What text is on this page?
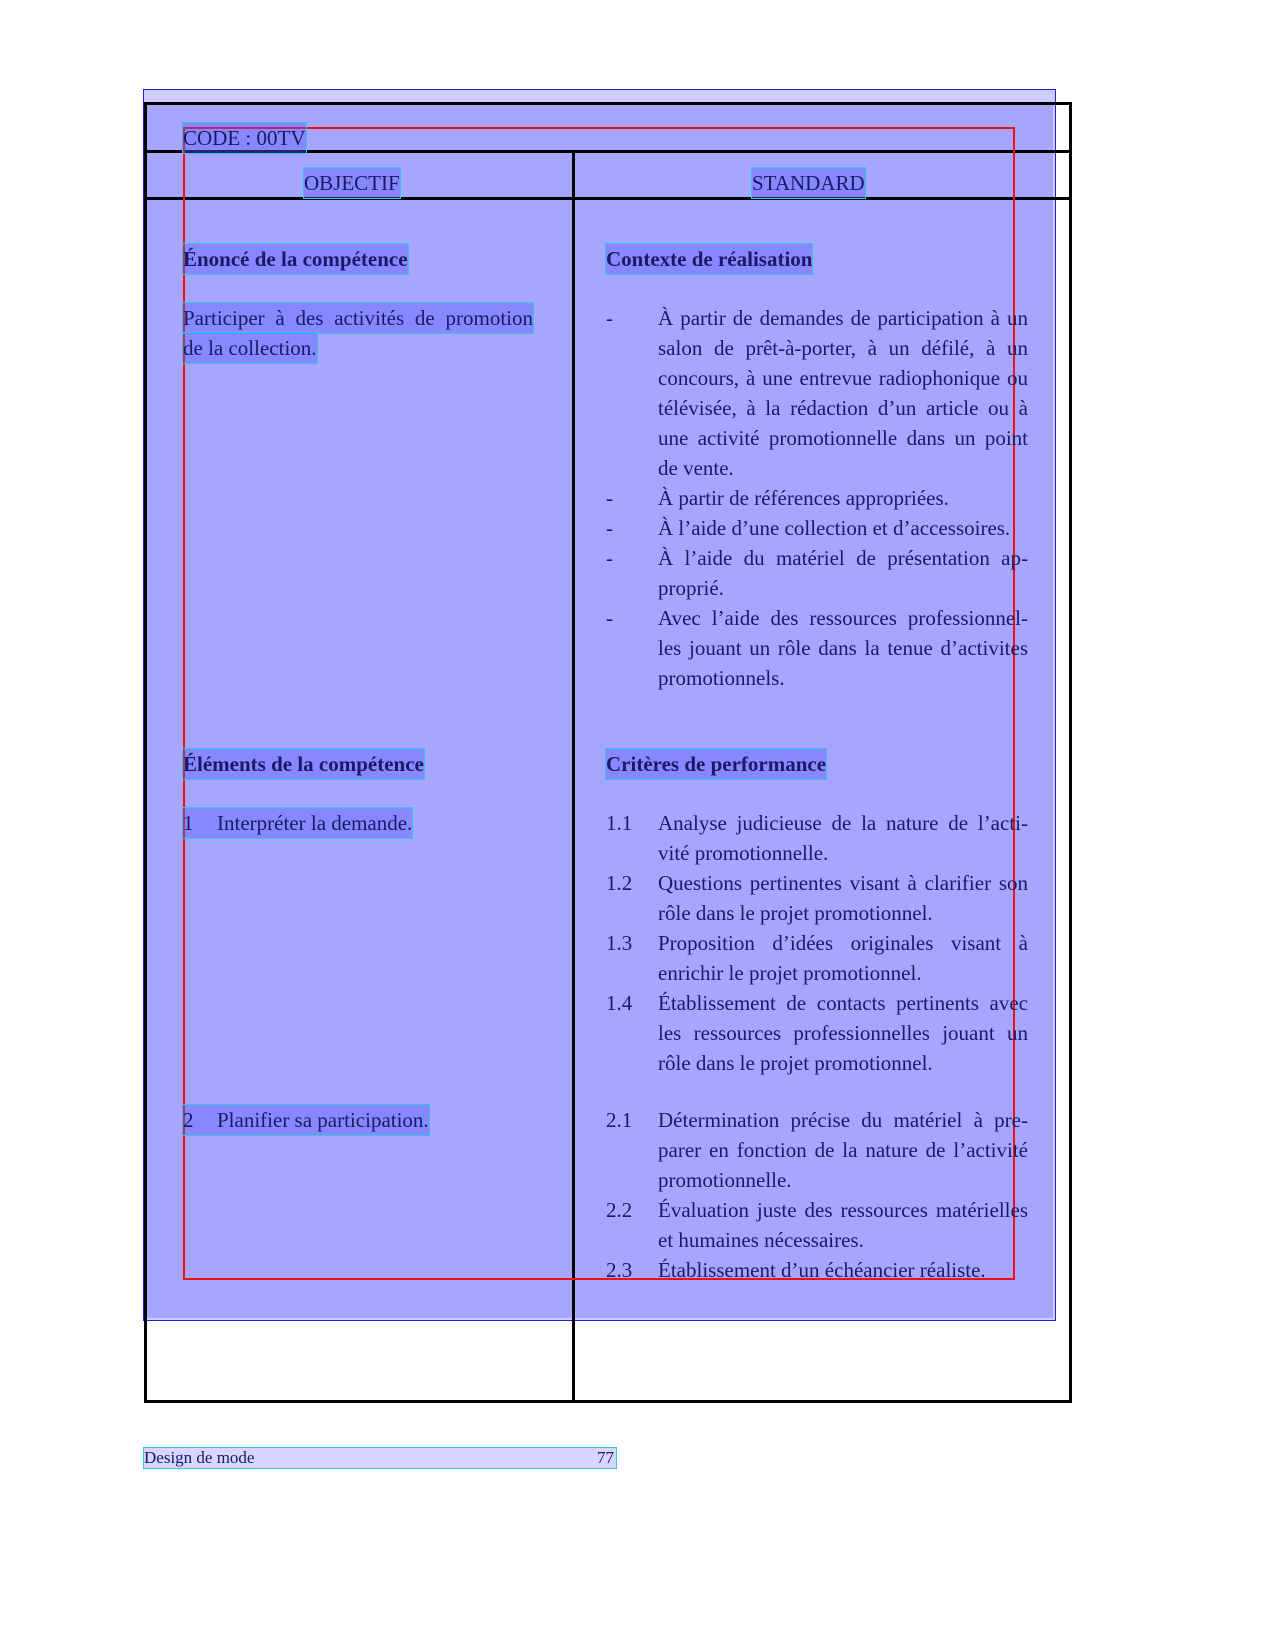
CODE : 00TV
OBJECTIF	STANDARD
Énoncé de la compétence	Contexte de réalisation
Participer à des activités de promotion
de la collection.
-	À partir de demandes de participation à un salon de prêt-à-porter, à un défilé, à un concours, à une entrevue radiophonique ou télévisée, à la rédaction d’un article ou à une activité promotionnelle dans un point de vente.
-	À partir de références appropriées.
-	À l’aide d’une collection et d’accessoires.
-	À l’aide du matériel de présentation ap-proprié.
-	Avec l’aide des ressources professionnel-les jouant un rôle dans la tenue d’activites promotionnels.
Éléments de la compétence	Critères de performance
1	Interpréter la demande.	1.1	Analyse judicieuse de la nature de l’acti-vité promotionnelle.
1.2	Questions pertinentes visant à clarifier son rôle dans le projet promotionnel.
1.3	Proposition d’idées originales visant à enrichir le projet promotionnel.
1.4	Établissement de contacts pertinents avec les ressources professionnelles jouant un rôle dans le projet promotionnel.
2	Planifier sa participation.	2.1	Détermination précise du matériel à pre-parer en fonction de la nature de l’activité promotionnelle.
2.2	Évaluation juste des ressources matérielles et humaines nécessaires.
2.3	Établissement d’un échéancier réaliste.
Design de mode	77
